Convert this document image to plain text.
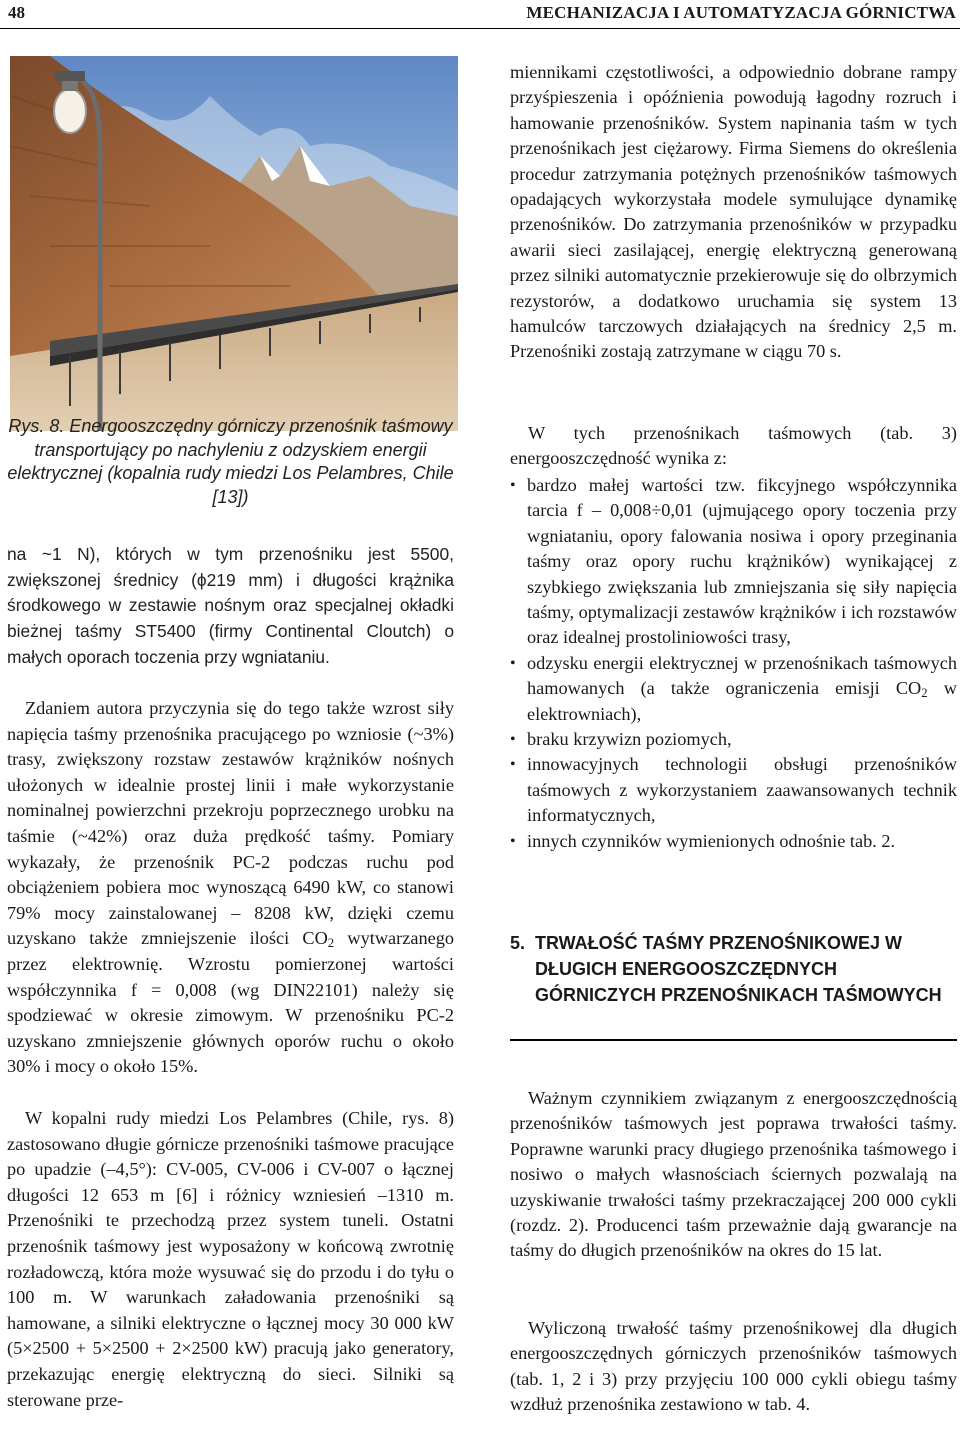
48	MECHANIZACJA I AUTOMATYZACJA GÓRNICTWA
Rys. 8. Energooszczędny górniczy przenośnik taśmowy transportujący po nachyleniu z odzyskiem energii elektrycznej (kopalnia rudy miedzi Los Pelambres, Chile [13])

na ~1 N), których w tym przenośniku jest 5500, zwiększonej średnicy (ϕ219 mm) i długości krążnika środkowego w zestawie nośnym oraz specjalnej okładki bieżnej taśmy ST5400 (firmy Continental Cloutch) o małych oporach toczenia przy wgniataniu.

Zdaniem autora przyczynia się do tego także wzrost siły napięcia taśmy przenośnika pracującego po wzniosie (~3%) trasy, zwiększony rozstaw zestawów krążników nośnych ułożonych w idealnie prostej linii i małe wykorzystanie nominalnej powierzchni przekroju poprzecznego urobku na taśmie (~42%) oraz duża prędkość taśmy. Pomiary wykazały, że przenośnik PC-2 podczas ruchu pod obciążeniem pobiera moc wynoszącą 6490 kW, co stanowi 79% mocy zainstalowanej – 8208 kW, dzięki czemu uzyskano także zmniejszenie ilości $CO_2$ wytwarzanego przez elektrownię. Wzrostu pomierzonej wartości współczynnika f = 0,008 (wg DIN22101) należy się spodziewać w okresie zimowym. W przenośniku PC-2 uzyskano zmniejszenie głównych oporów ruchu o około 30% i mocy o około 15%.

W kopalni rudy miedzi Los Pelambres (Chile, rys. 8) zastosowano długie górnicze przenośniki taśmowe pracujące po upadzie (–4,5°): CV-005, CV-006 i CV-007 o łącznej długości 12 653 m [6] i różnicy wzniesień –1310 m. Przenośniki te przechodzą przez system tuneli. Ostatni przenośnik taśmowy jest wyposażony w końcową zwrotnię rozładowczą, która może wysuwać się do przodu i do tyłu o 100 m. W warunkach załadowania przenośniki są hamowane, a silniki elektryczne o łącznej mocy 30 000 kW (5×2500 + 5×2500 + 2×2500 kW) pracują jako generatory, przekazując energię elektryczną do sieci. Silniki są sterowane prze-

miennikami częstotliwości, a odpowiednio dobrane rampy przyśpieszenia i opóźnienia powodują łagodny rozruch i hamowanie przenośników. System napinania taśm w tych przenośnikach jest ciężarowy. Firma Siemens do określenia procedur zatrzymania potężnych przenośników taśmowych opadających wykorzystała modele symulujące dynamikę przenośników. Do zatrzymania przenośników w przypadku awarii sieci zasilającej, energię elektryczną generowaną przez silniki automatycznie przekierowuje się do olbrzymich rezystorów, a dodatkowo uruchamia się system 13 hamulców tarczowych działających na średnicy 2,5 m. Przenośniki zostają zatrzymane w ciągu 70 s.

W tych przenośnikach taśmowych (tab. 3) energooszczędność wynika z:

• bardzo małej wartości tzw. fikcyjnego współczynnika tarcia f – 0,008÷0,01 (ujmującego opory toczenia przy wgniataniu, opory falowania nosiwa i opory przeginania taśmy oraz opory ruchu krążników) wynikającej z szybkiego zwiększania lub zmniejszania się siły napięcia taśmy, optymalizacji zestawów krążników i ich rozstawów oraz idealnej prostoliniowości trasy,
• odzysku energii elektrycznej w przenośnikach taśmowych hamowanych (a także ograniczenia emisji $CO_2$ w elektrowniach),
• braku krzywizn poziomych,
• innowacyjnych technologii obsługi przenośników taśmowych z wykorzystaniem zaawansowanych technik informatycznych,
• innych czynników wymienionych odnośnie tab. 2.
5. TRWAŁOŚĆ TAŚMY PRZENOŚNIKOWEJ W DŁUGICH ENERGOOSZCZĘDNYCH GÓRNICZYCH PRZENOŚNIKACH TAŚMOWYCH

Ważnym czynnikiem związanym z energooszczędnością przenośników taśmowych jest poprawa trwałości taśmy. Poprawne warunki pracy długiego przenośnika taśmowego i nosiwo o małych własnościach ściernych pozwalają na uzyskiwanie trwałości taśmy przekraczającej 200 000 cykli (rozdz. 2). Producenci taśm przeważnie dają gwarancje na taśmy do długich przenośników na okres do 15 lat.

Wyliczoną trwałość taśmy przenośnikowej dla długich energooszczędnych górniczych przenośników taśmowych (tab. 1, 2 i 3) przy przyjęciu 100 000 cykli obiegu taśmy wzdłuż przenośnika zestawiono w tab. 4.
